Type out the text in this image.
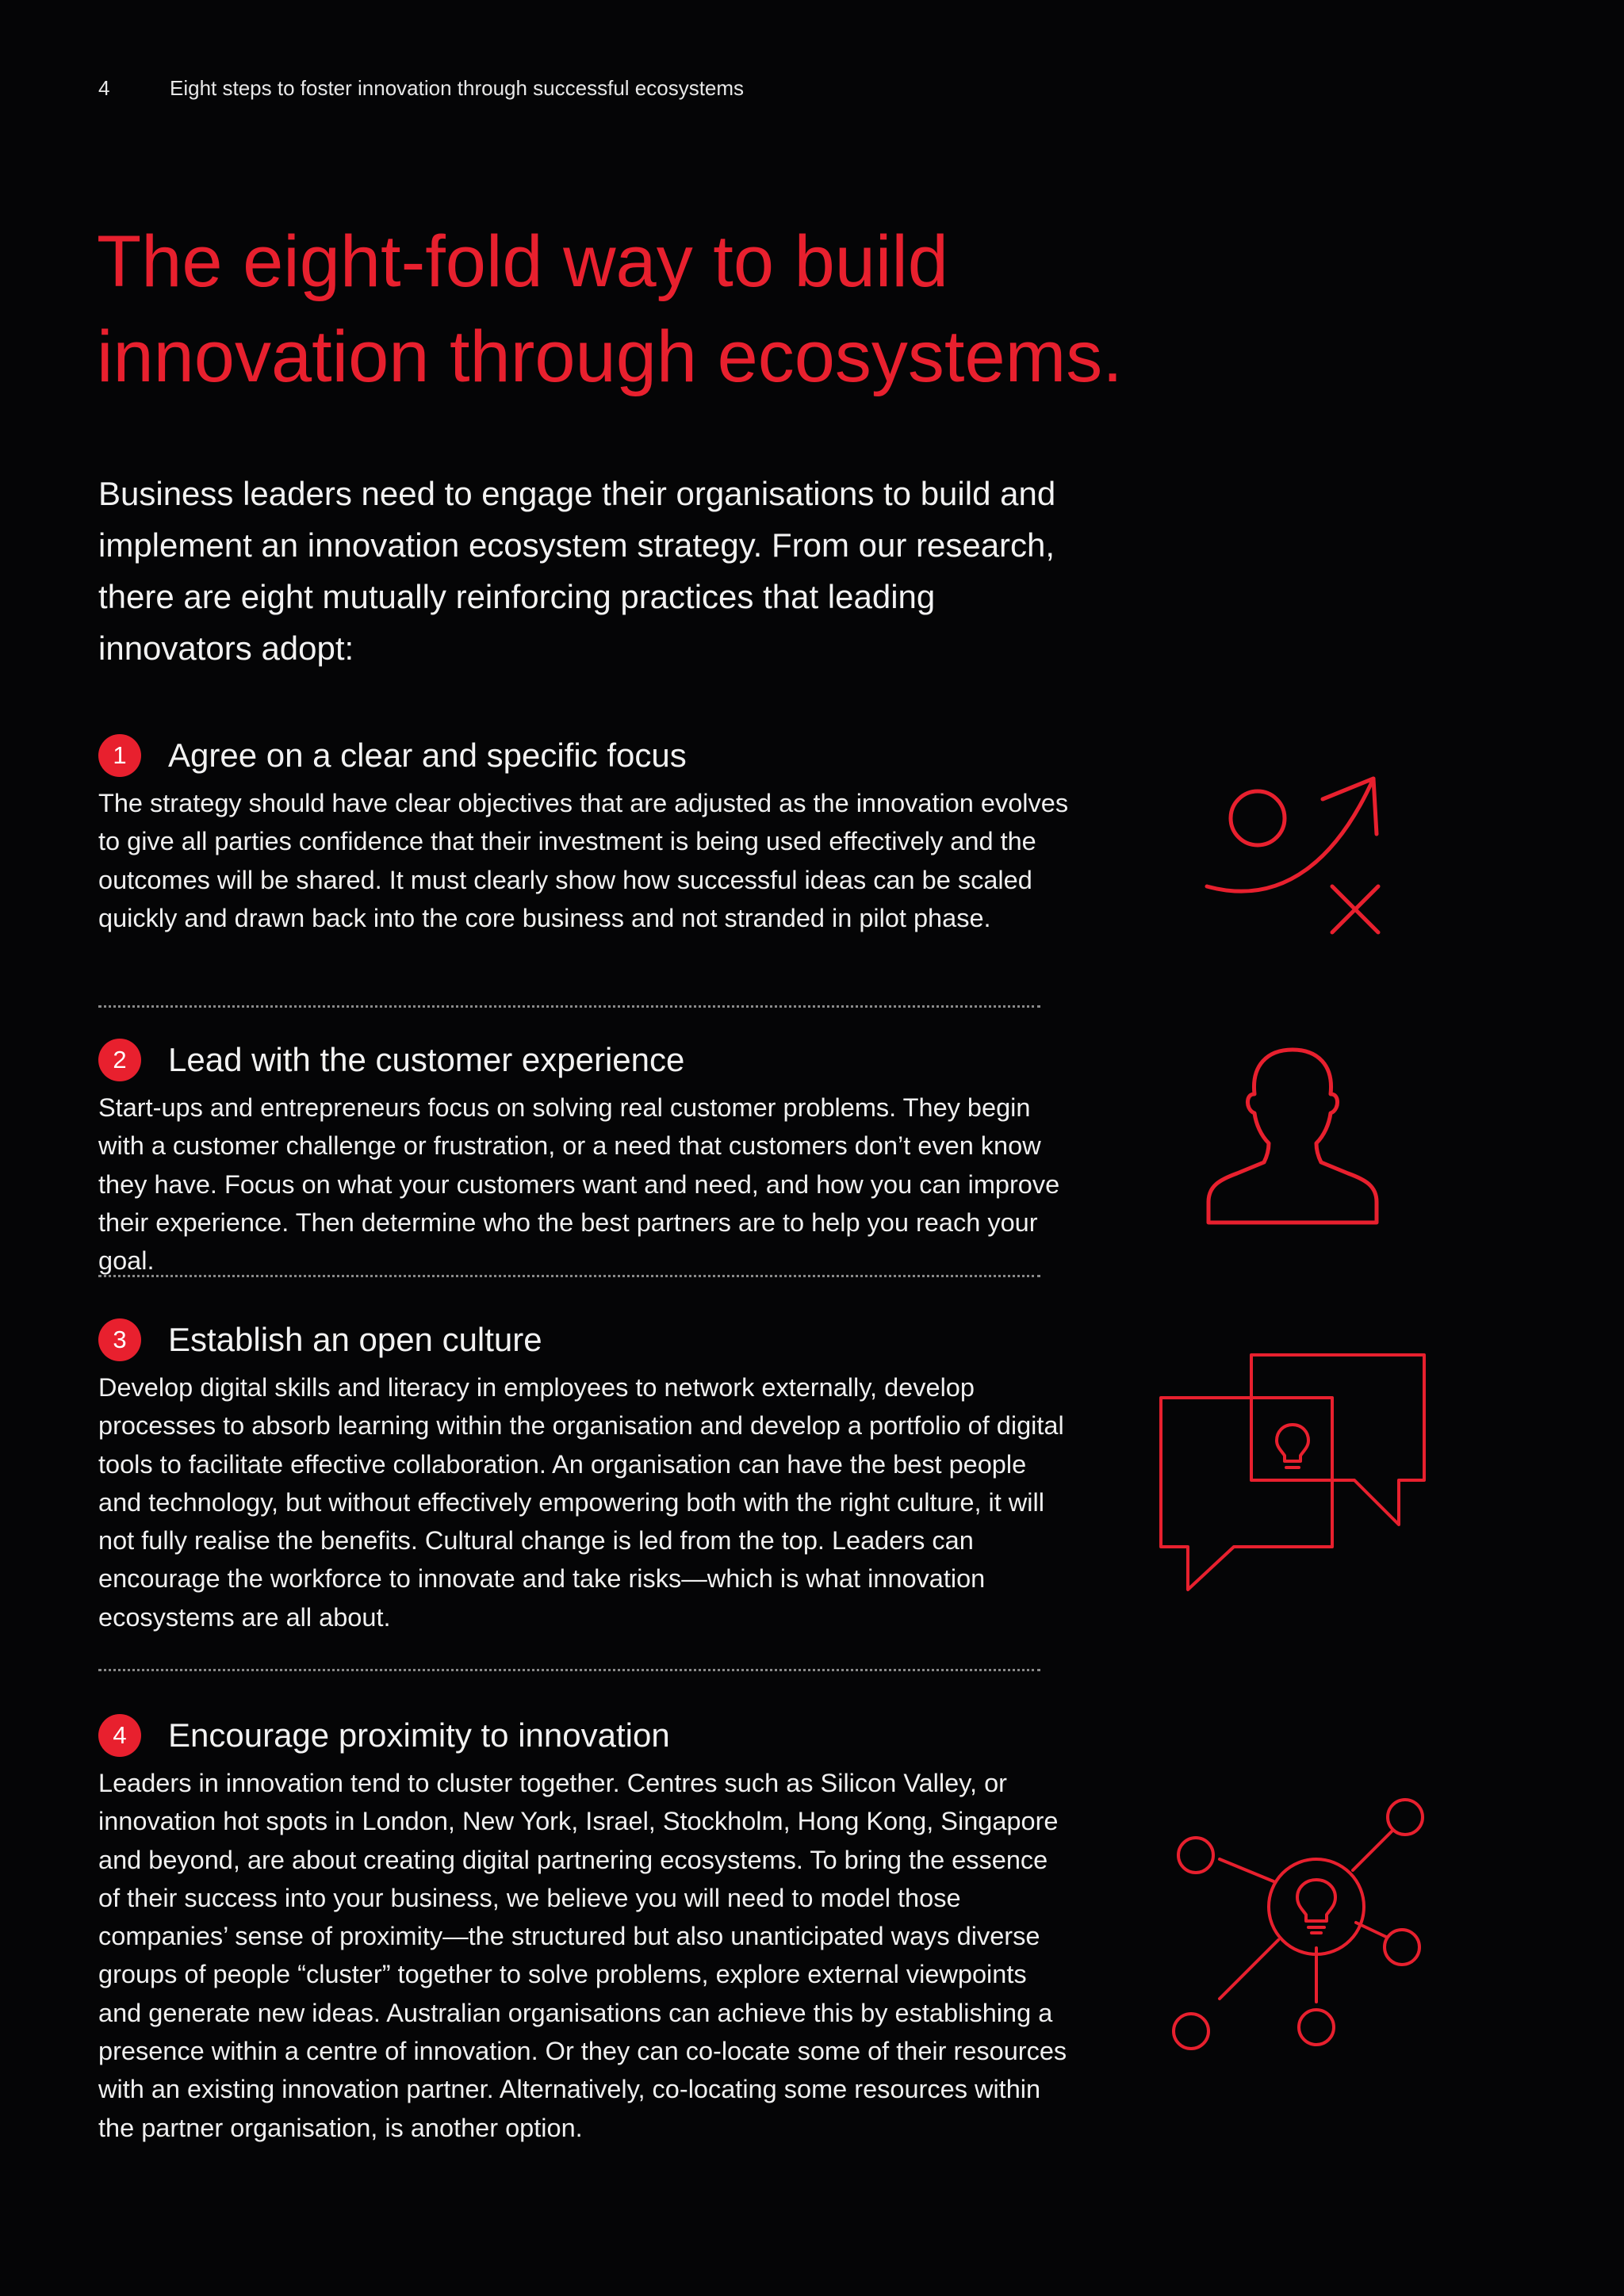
4	Eight steps to foster innovation through successful ecosystems
The eight-fold way to build
innovation through ecosystems.

Business leaders need to engage their organisations to build and implement an innovation ecosystem strategy. From our research, there are eight mutually reinforcing practices that leading innovators adopt:

1	Agree on a clear and specific focus
The strategy should have clear objectives that are adjusted as the innovation evolves to give all parties confidence that their investment is being used effectively and the outcomes will be shared. It must clearly show how successful ideas can be scaled quickly and drawn back into the core business and not stranded in pilot phase.
2	Lead with the customer experience
Start-ups and entrepreneurs focus on solving real customer problems. They begin with a customer challenge or frustration, or a need that customers don’t even know they have. Focus on what your customers want and need, and how you can improve their experience. Then determine who the best partners are to help you reach your goal.
3	Establish an open culture
Develop digital skills and literacy in employees to network externally, develop processes to absorb learning within the organisation and develop a portfolio of digital tools to facilitate effective collaboration. An organisation can have the best people and technology, but without effectively empowering both with the right culture, it will not fully realise the benefits. Cultural change is led from the top. Leaders can encourage the workforce to innovate and take risks—which is what innovation ecosystems are all about.
4	Encourage proximity to innovation
Leaders in innovation tend to cluster together. Centres such as Silicon Valley, or innovation hot spots in London, New York, Israel, Stockholm, Hong Kong, Singapore and beyond, are about creating digital partnering ecosystems. To bring the essence of their success into your business, we believe you will need to model those companies’ sense of proximity—the structured but also unanticipated ways diverse groups of people “cluster” together to solve problems, explore external viewpoints and generate new ideas. Australian organisations can achieve this by establishing a presence within a centre of innovation. Or they can co-locate some of their resources with an existing innovation partner. Alternatively, co-locating some resources within the partner organisation, is another option.
